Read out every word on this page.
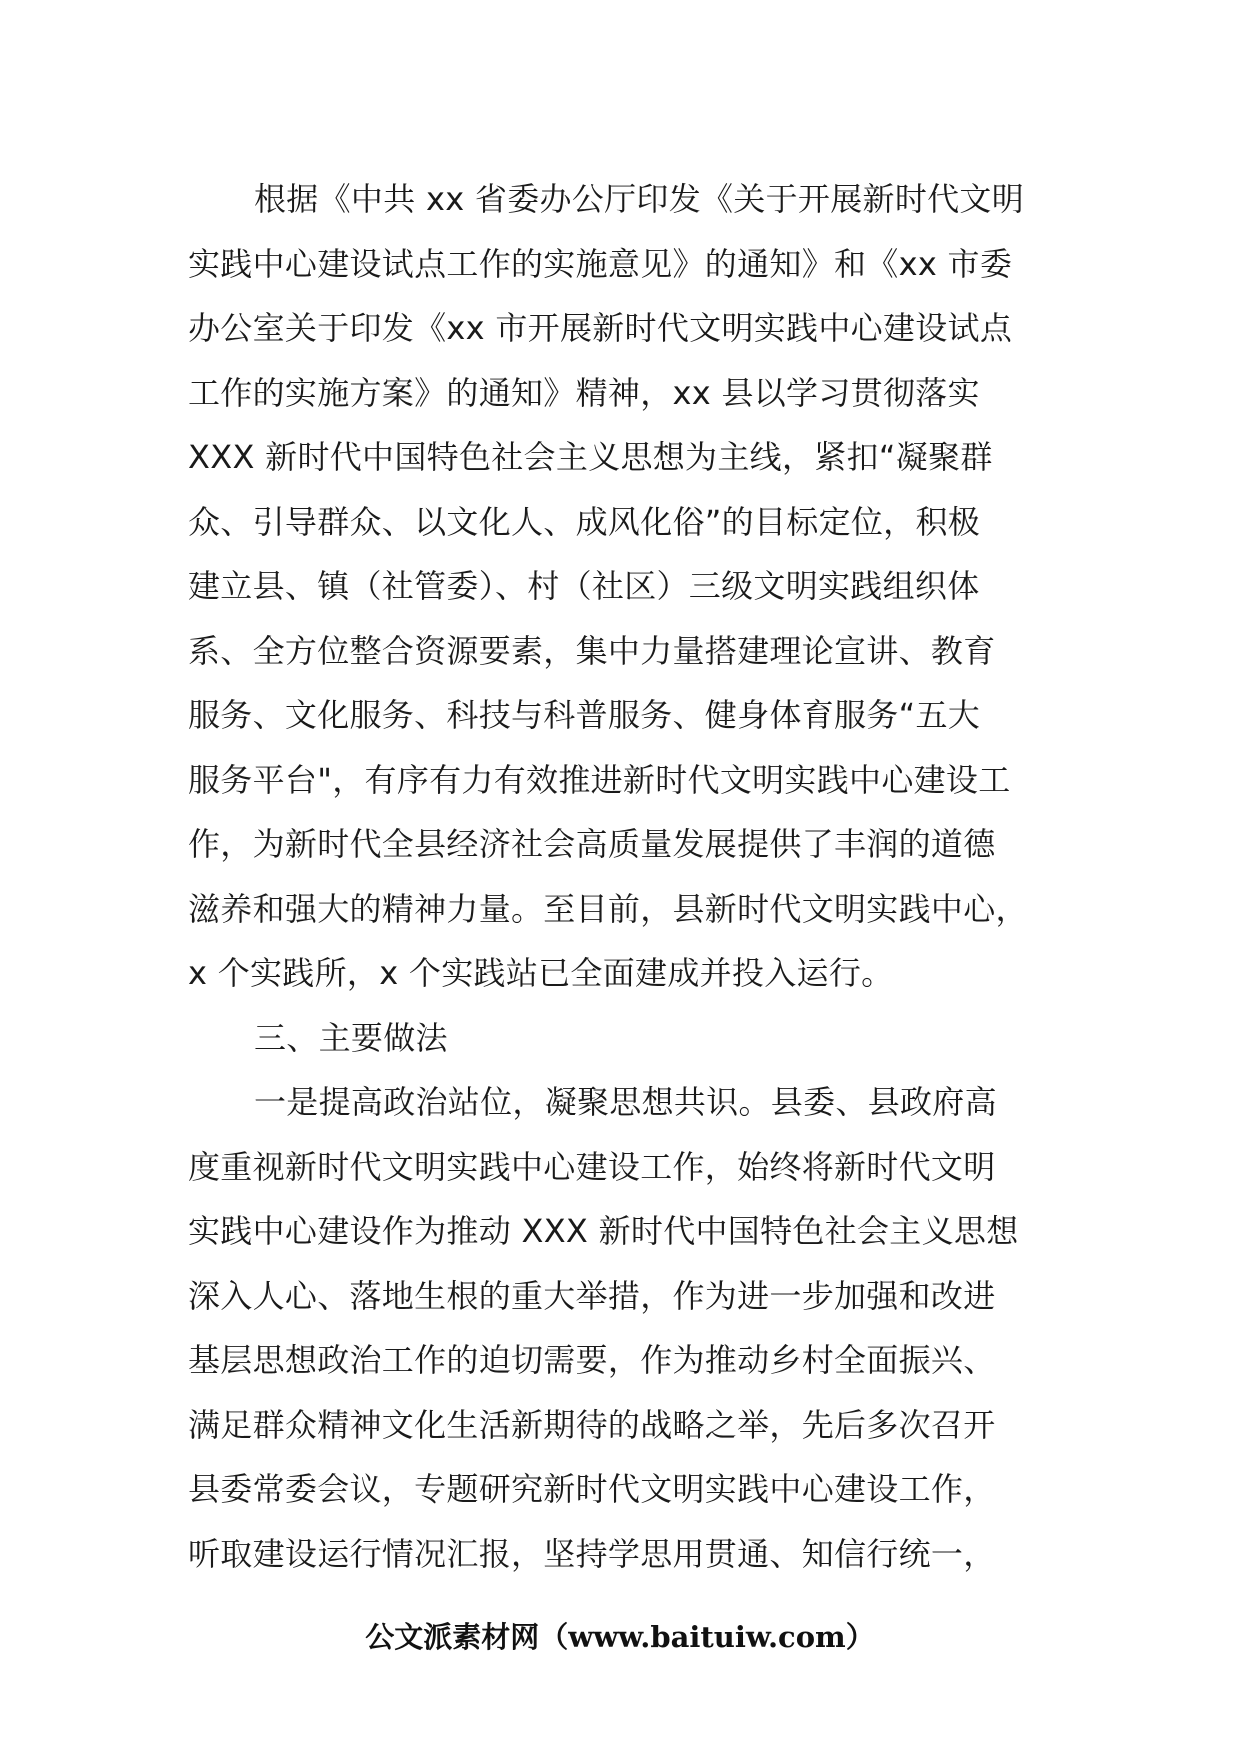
根据《中共 xx 省委办公厅印发《关于开展新时代文明
实践中心建设试点工作的实施意见》的通知》和《xx 市委
办公室关于印发《xx 市开展新时代文明实践中心建设试点
工作的实施方案》的通知》精神，xx 县以学习贯彻落实
XXX 新时代中国特色社会主义思想为主线，紧扣“凝聚群
众、引导群众、以文化人、成风化俗”的目标定位，积极
建立县、镇（社管委）、村（社区）三级文明实践组织体
系、全方位整合资源要素，集中力量搭建理论宣讲、教育
服务、文化服务、科技与科普服务、健身体育服务“五大
服务平台"，有序有力有效推进新时代文明实践中心建设工
作，为新时代全县经济社会高质量发展提供了丰润的道德
滋养和强大的精神力量。至目前，县新时代文明实践中心，
x 个实践所，x 个实践站已全面建成并投入运行。
三、主要做法
一是提高政治站位，凝聚思想共识。县委、县政府高
度重视新时代文明实践中心建设工作，始终将新时代文明
实践中心建设作为推动 XXX 新时代中国特色社会主义思想
深入人心、落地生根的重大举措，作为进一步加强和改进
基层思想政治工作的迫切需要，作为推动乡村全面振兴、
满足群众精神文化生活新期待的战略之举，先后多次召开
县委常委会议，专题研究新时代文明实践中心建设工作，
听取建设运行情况汇报，坚持学思用贯通、知信行统一，
公文派素材网（www.baituiw.com）
